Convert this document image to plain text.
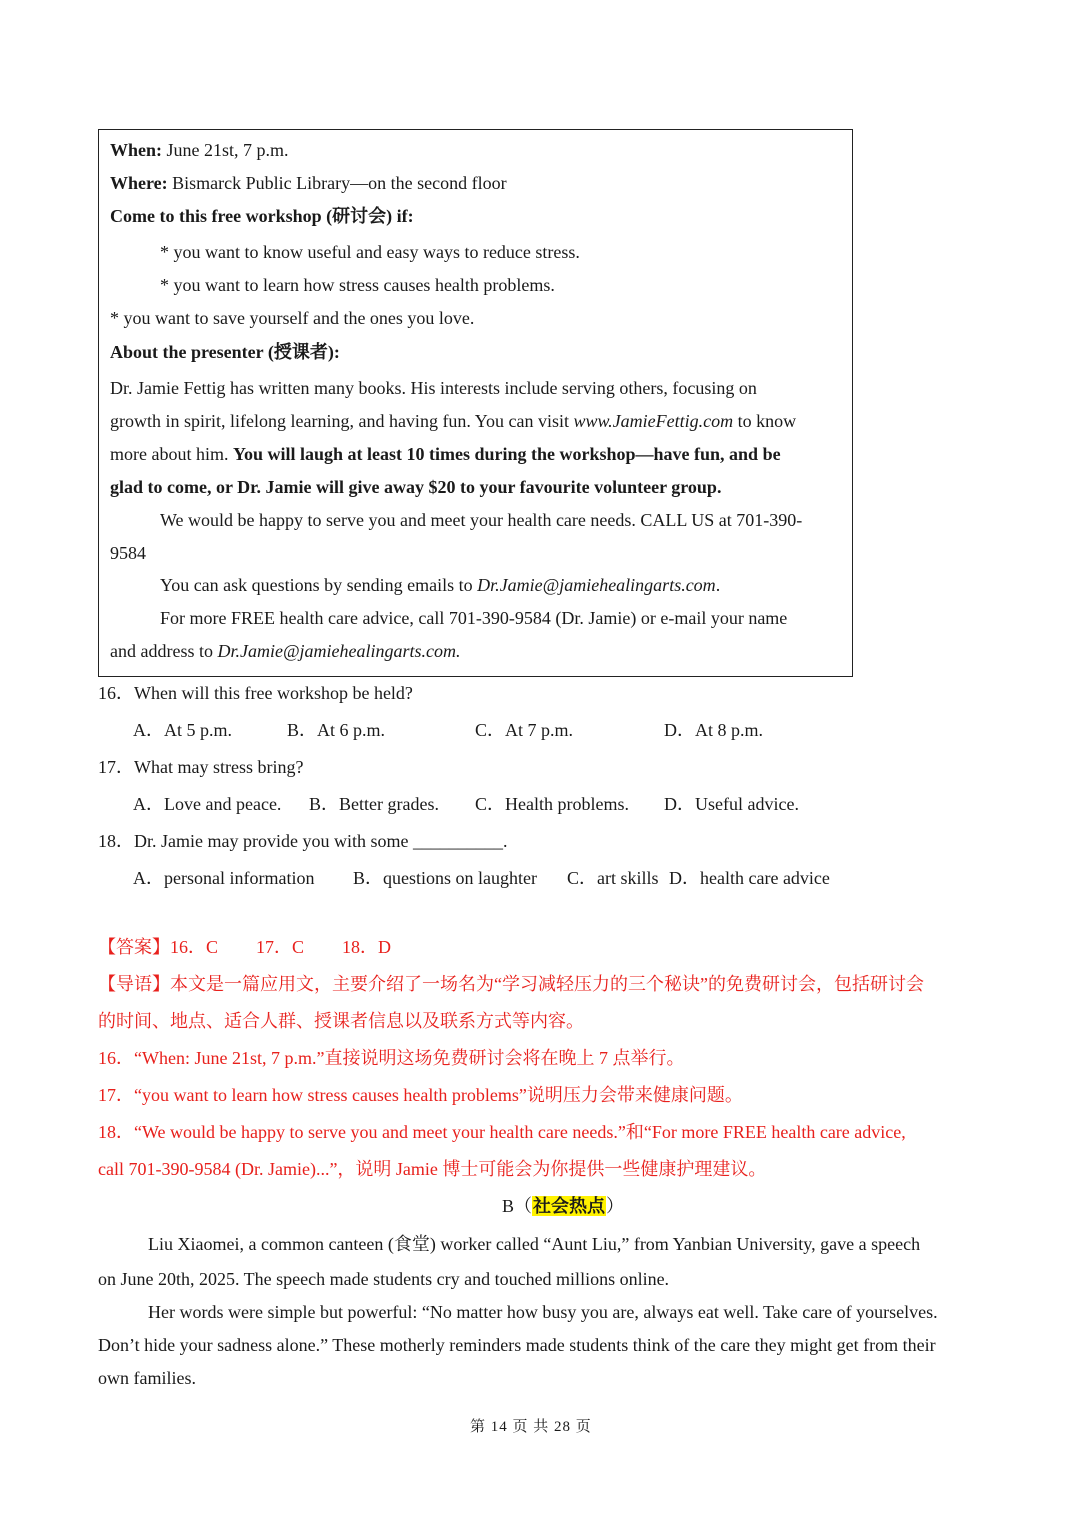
When: June 21st, 7 p.m.
Where: Bismarck Public Library—on the second floor
Come to this free workshop (研讨会) if:
* you want to know useful and easy ways to reduce stress.
* you want to learn how stress causes health problems.
* you want to save yourself and the ones you love.
About the presenter (授课者):
Dr. Jamie Fettig has written many books. His interests include serving others, focusing on
growth in spirit, lifelong learning, and having fun. You can visit www.JamieFettig.com to know
more about him. You will laugh at least 10 times during the workshop—have fun, and be
glad to come, or Dr. Jamie will give away $20 to your favourite volunteer group.
We would be happy to serve you and meet your health care needs. CALL US at 701-390-
9584
You can ask questions by sending emails to Dr.Jamie@jamiehealingarts.com.
For more FREE health care advice, call 701-390-9584 (Dr. Jamie) or e-mail your name
and address to Dr.Jamie@jamiehealingarts.com.
16．When will this free workshop be held?
A．At 5 p.m.	B．At 6 p.m.	C．At 7 p.m.	D．At 8 p.m.
17．What may stress bring?
A．Love and peace. B．Better grades. C．Health problems. D．Useful advice.
18．Dr. Jamie may provide you with some __________.
A．personal information B．questions on laughter C．art skills D．health care advice
【答案】16．C 17．C 18．D
【导语】本文是一篇应用文，主要介绍了一场名为“学习减轻压力的三个秘诀”的免费研讨会，包括研讨会
的时间、地点、适合人群、授课者信息以及联系方式等内容。
16．“When: June 21st, 7 p.m.”直接说明这场免费研讨会将在晚上 7 点举行。
17．“you want to learn how stress causes health problems”说明压力会带来健康问题。
18．“We would be happy to serve you and meet your health care needs.”和“For more FREE health care advice,
call 701-390-9584 (Dr. Jamie)...”，说明 Jamie 博士可能会为你提供一些健康护理建议。
B（社会热点）
Liu Xiaomei, a common canteen (食堂) worker called “Aunt Liu,” from Yanbian University, gave a speech
on June 20th, 2025. The speech made students cry and touched millions online.
Her words were simple but powerful: “No matter how busy you are, always eat well. Take care of yourselves.
Don’t hide your sadness alone.” These motherly reminders made students think of the care they might get from their
own families.
第 14 页 共 28 页
